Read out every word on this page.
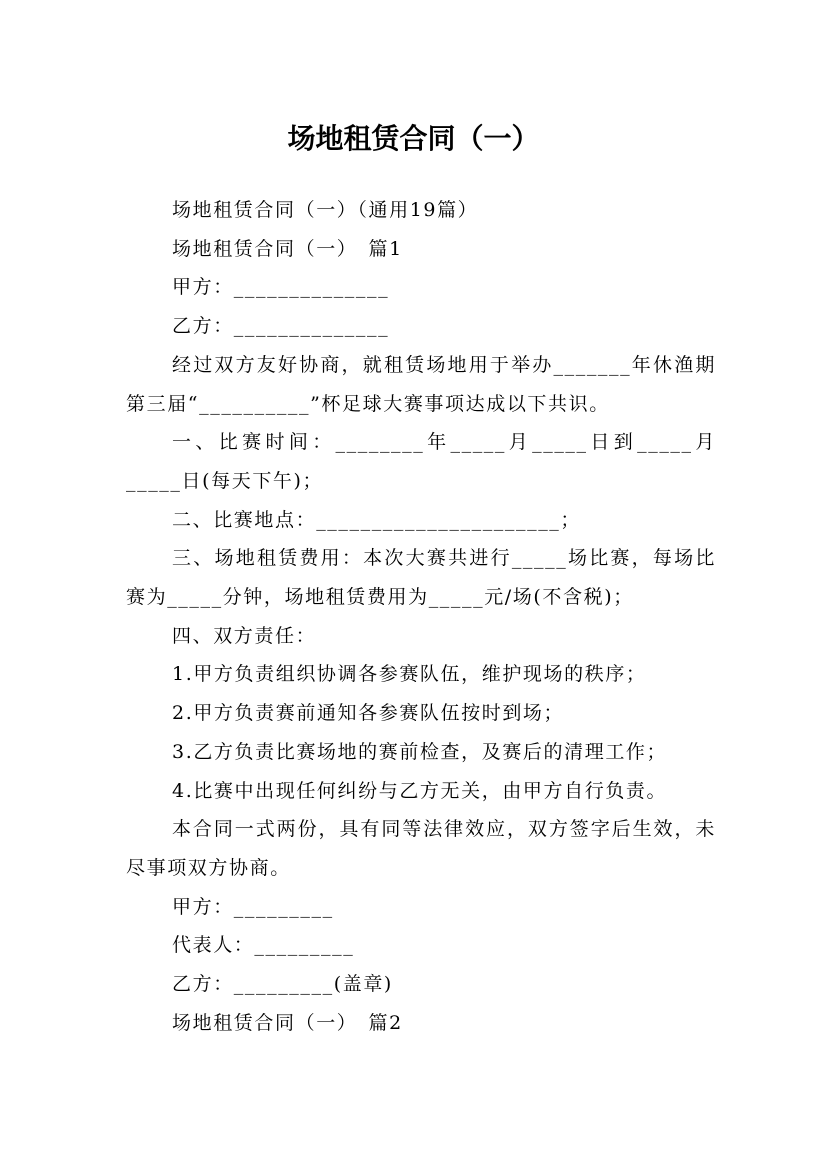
场地租赁合同（一）

场地租赁合同（一）（通用19篇）

场地租赁合同（一）　篇1

甲方：______________

乙方：______________

经过双方友好协商，就租赁场地用于举办_______年休渔期第三届“__________”杯足球大赛事项达成以下共识。

一、比赛时间：________年_____月_____日到_____月_____日(每天下午)；

二、比赛地点：______________________；

三、场地租赁费用：本次大赛共进行_____场比赛，每场比赛为_____分钟，场地租赁费用为_____元/场(不含税)；

四、双方责任：

1.甲方负责组织协调各参赛队伍，维护现场的秩序；

2.甲方负责赛前通知各参赛队伍按时到场；

3.乙方负责比赛场地的赛前检查，及赛后的清理工作；

4.比赛中出现任何纠纷与乙方无关，由甲方自行负责。

本合同一式两份，具有同等法律效应，双方签字后生效，未尽事项双方协商。

甲方：_________

代表人：_________

乙方：_________(盖章)

场地租赁合同（一）　篇2
